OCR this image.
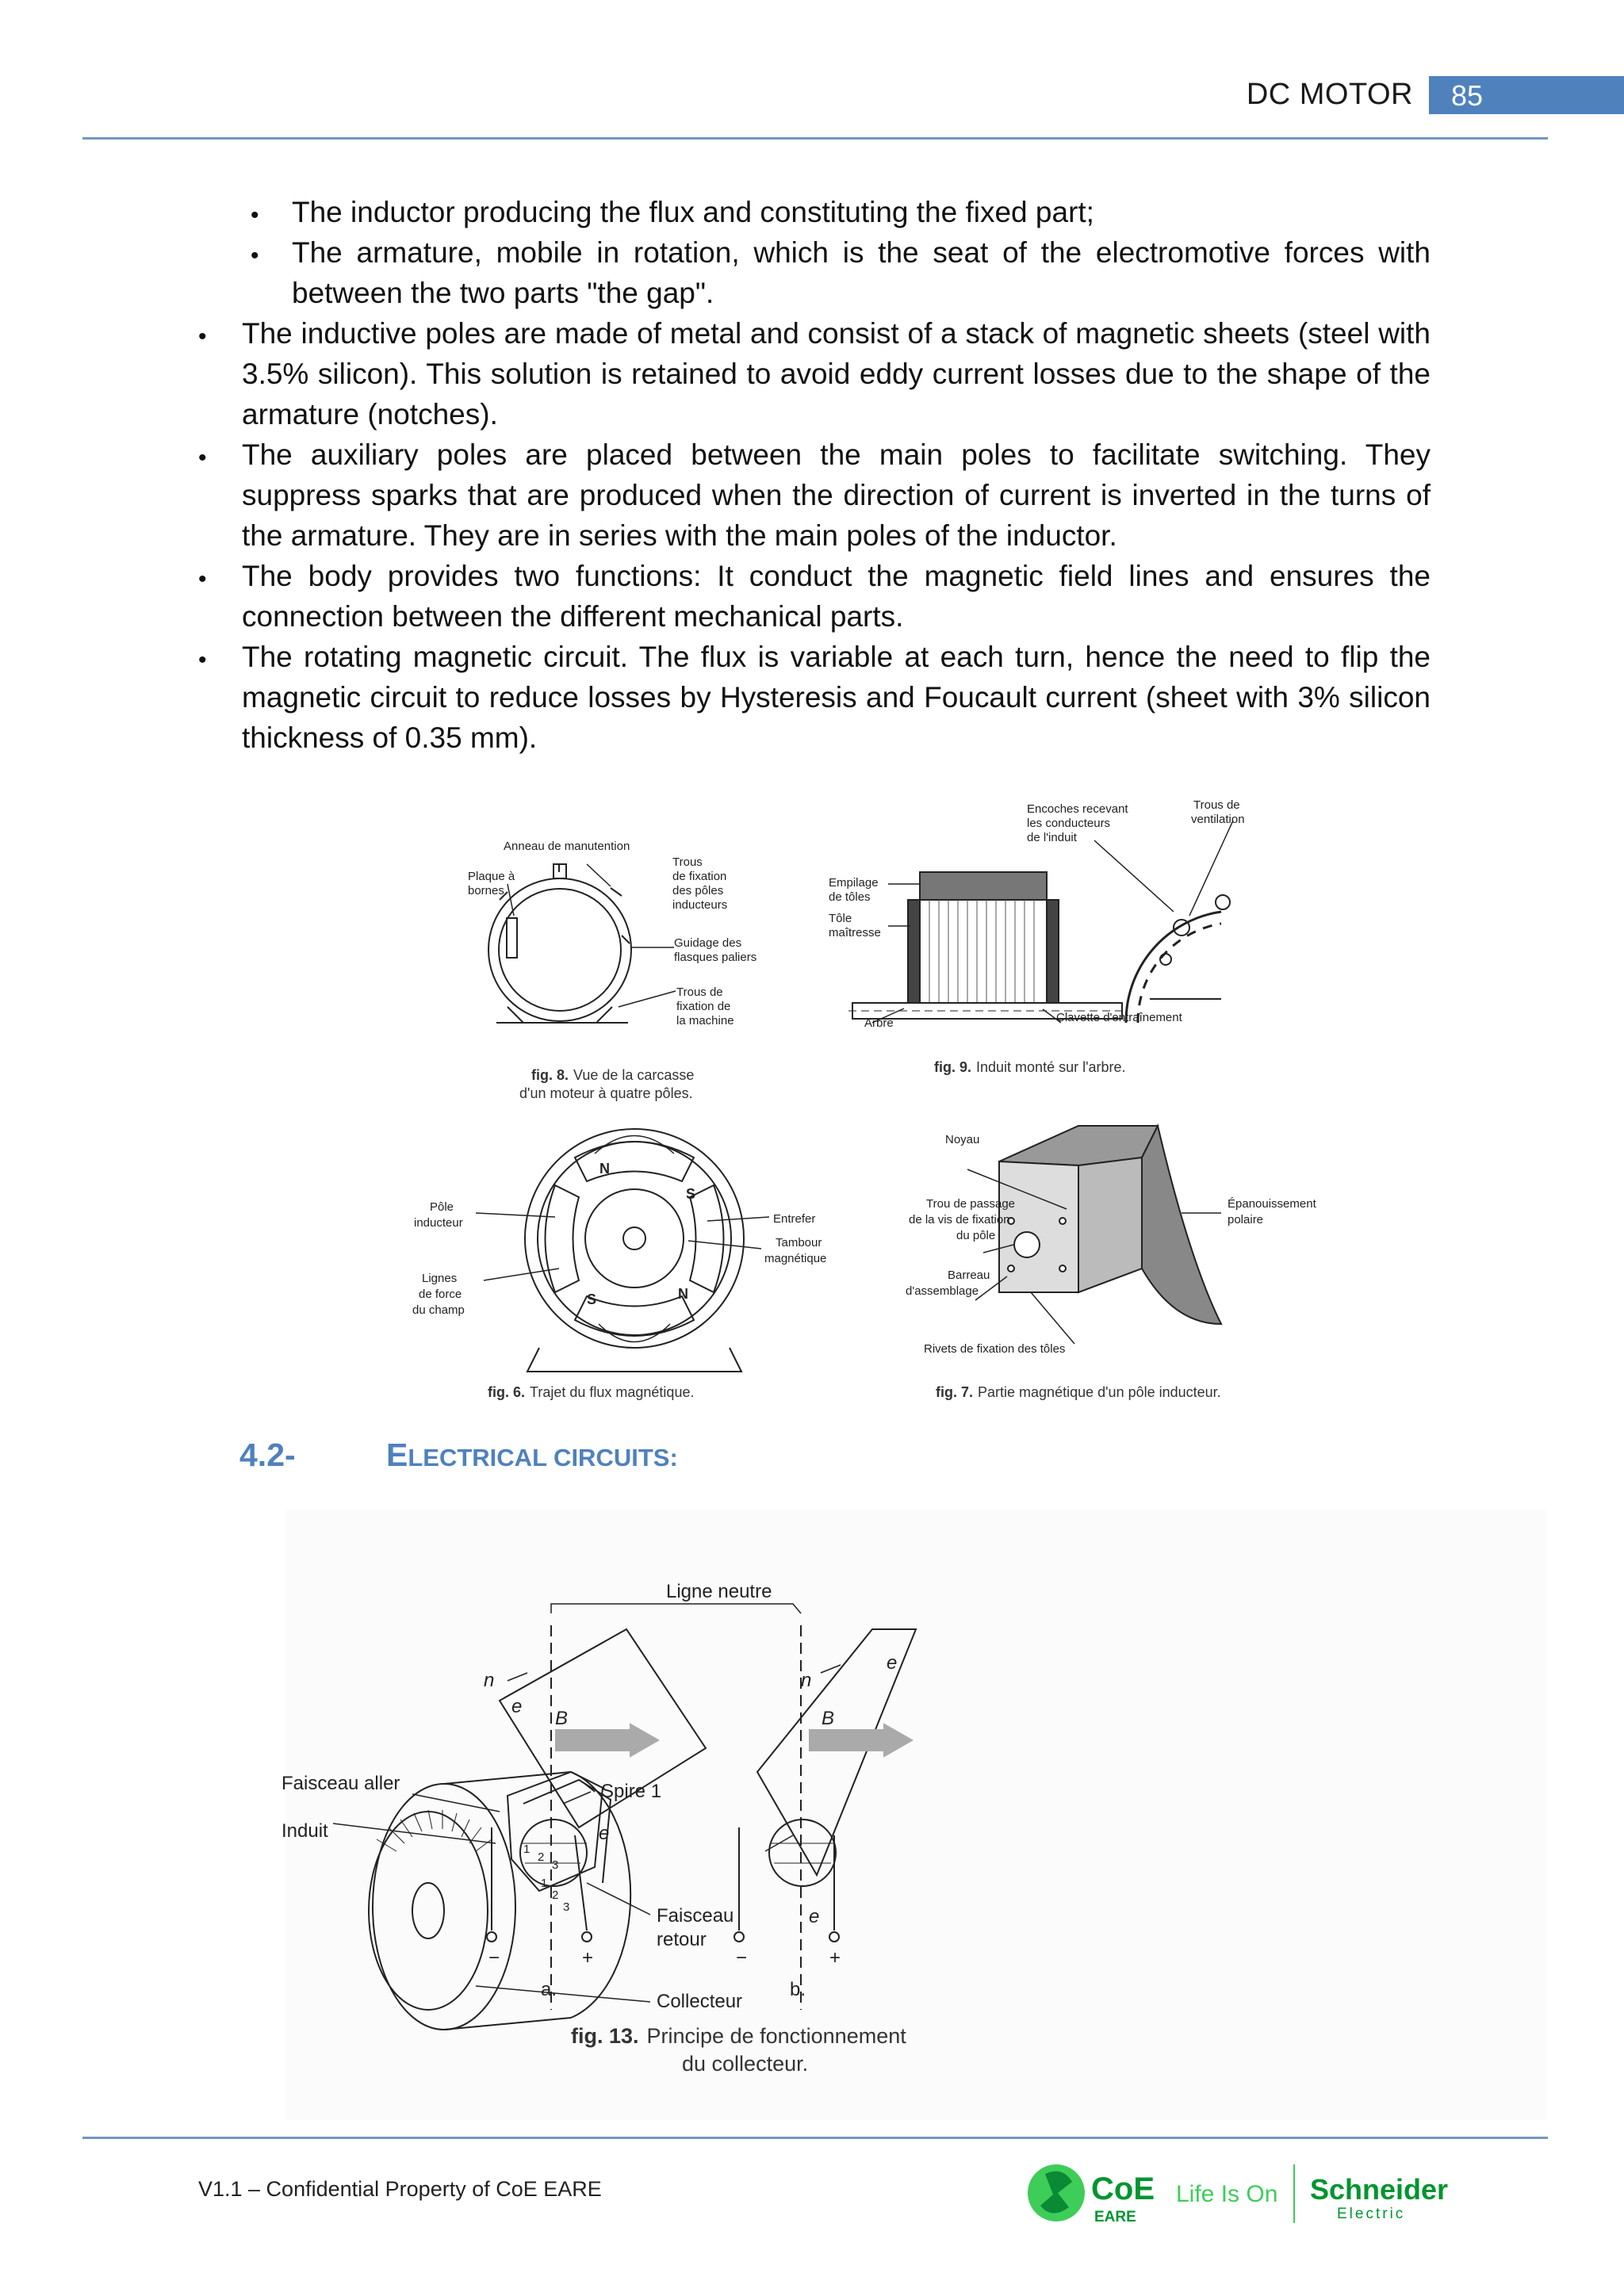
DC MOTOR 85
• The inductor producing the flux and constituting the fixed part;
• The armature, mobile in rotation, which is the seat of the electromotive forces with between the two parts "the gap".
• The inductive poles are made of metal and consist of a stack of magnetic sheets (steel with 3.5% silicon). This solution is retained to avoid eddy current losses due to the shape of the armature (notches).
• The auxiliary poles are placed between the main poles to facilitate switching. They suppress sparks that are produced when the direction of current is inverted in the turns of the armature. They are in series with the main poles of the inductor.
• The body provides two functions: It conduct the magnetic field lines and ensures the connection between the different mechanical parts.
• The rotating magnetic circuit. The flux is variable at each turn, hence the need to flip the magnetic circuit to reduce losses by Hysteresis and Foucault current (sheet with 3% silicon thickness of 0.35 mm).
Anneau de manutention
Plaque à
bornes
Trous
de fixation
des pôles
inducteurs
Guidage des
flasques paliers
Trous de
fixation de
la machine
fig. 8. Vue de la carcasse
d'un moteur à quatre pôles.
Encoches recevant
les conducteurs
de l'induit
Trous de
ventilation
Empilage
de tôles
Tôle
maîtresse
Arbre	Clavette d'entraînement
fig. 9. Induit monté sur l'arbre.
Pôle
inducteur
Lignes
de force
du champ
Entrefer
Tambour
magnétique
N
S
S	N
fig. 6. Trajet du flux magnétique.
Noyau
Trou de passage
de la vis de fixation
du pôle
Barreau
d'assemblage
Rivets de fixation des tôles
Épanouissement
polaire
fig. 7. Partie magnétique d'un pôle inducteur.
4.2-	ELECTRICAL CIRCUITS:
Faisceau aller
Induit
Spire 1
Faisceau
retour
Collecteur
1
2
3
1
2
3
Ligne neutre
n
e
B
e
n
B
e
e
−	+	−	+
a.	b.
fig. 13. Principe de fonctionnement
du collecteur.
V1.1 – Confidential Property of CoE EARE	CoE
EARE
Life Is On Schneider
Electric
